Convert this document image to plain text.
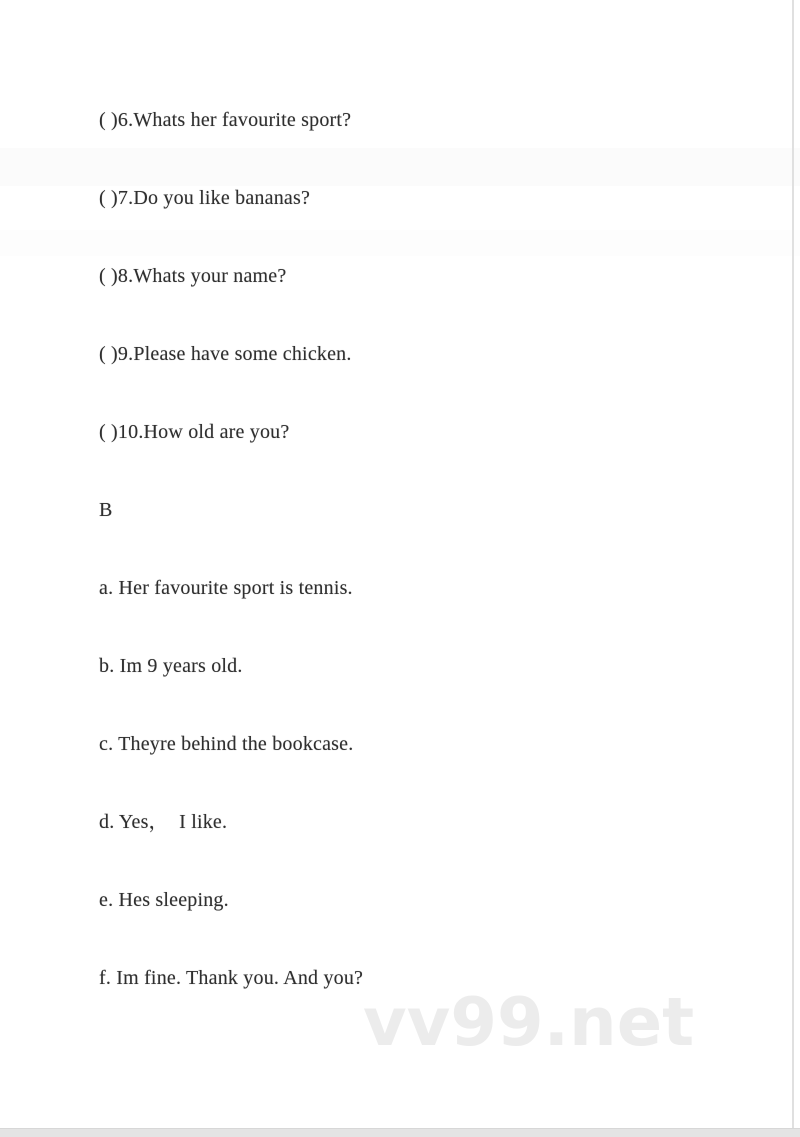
( )6.Whats her favourite sport?
( )7.Do you like bananas?
( )8.Whats your name?
( )9.Please have some chicken.
( )10.How old are you?
B
a. Her favourite sport is tennis.
b. Im 9 years old.
c. Theyre behind the bookcase.
d. Yes，  I like.
e. Hes sleeping.
f. Im fine. Thank you. And you?
vv99.net
